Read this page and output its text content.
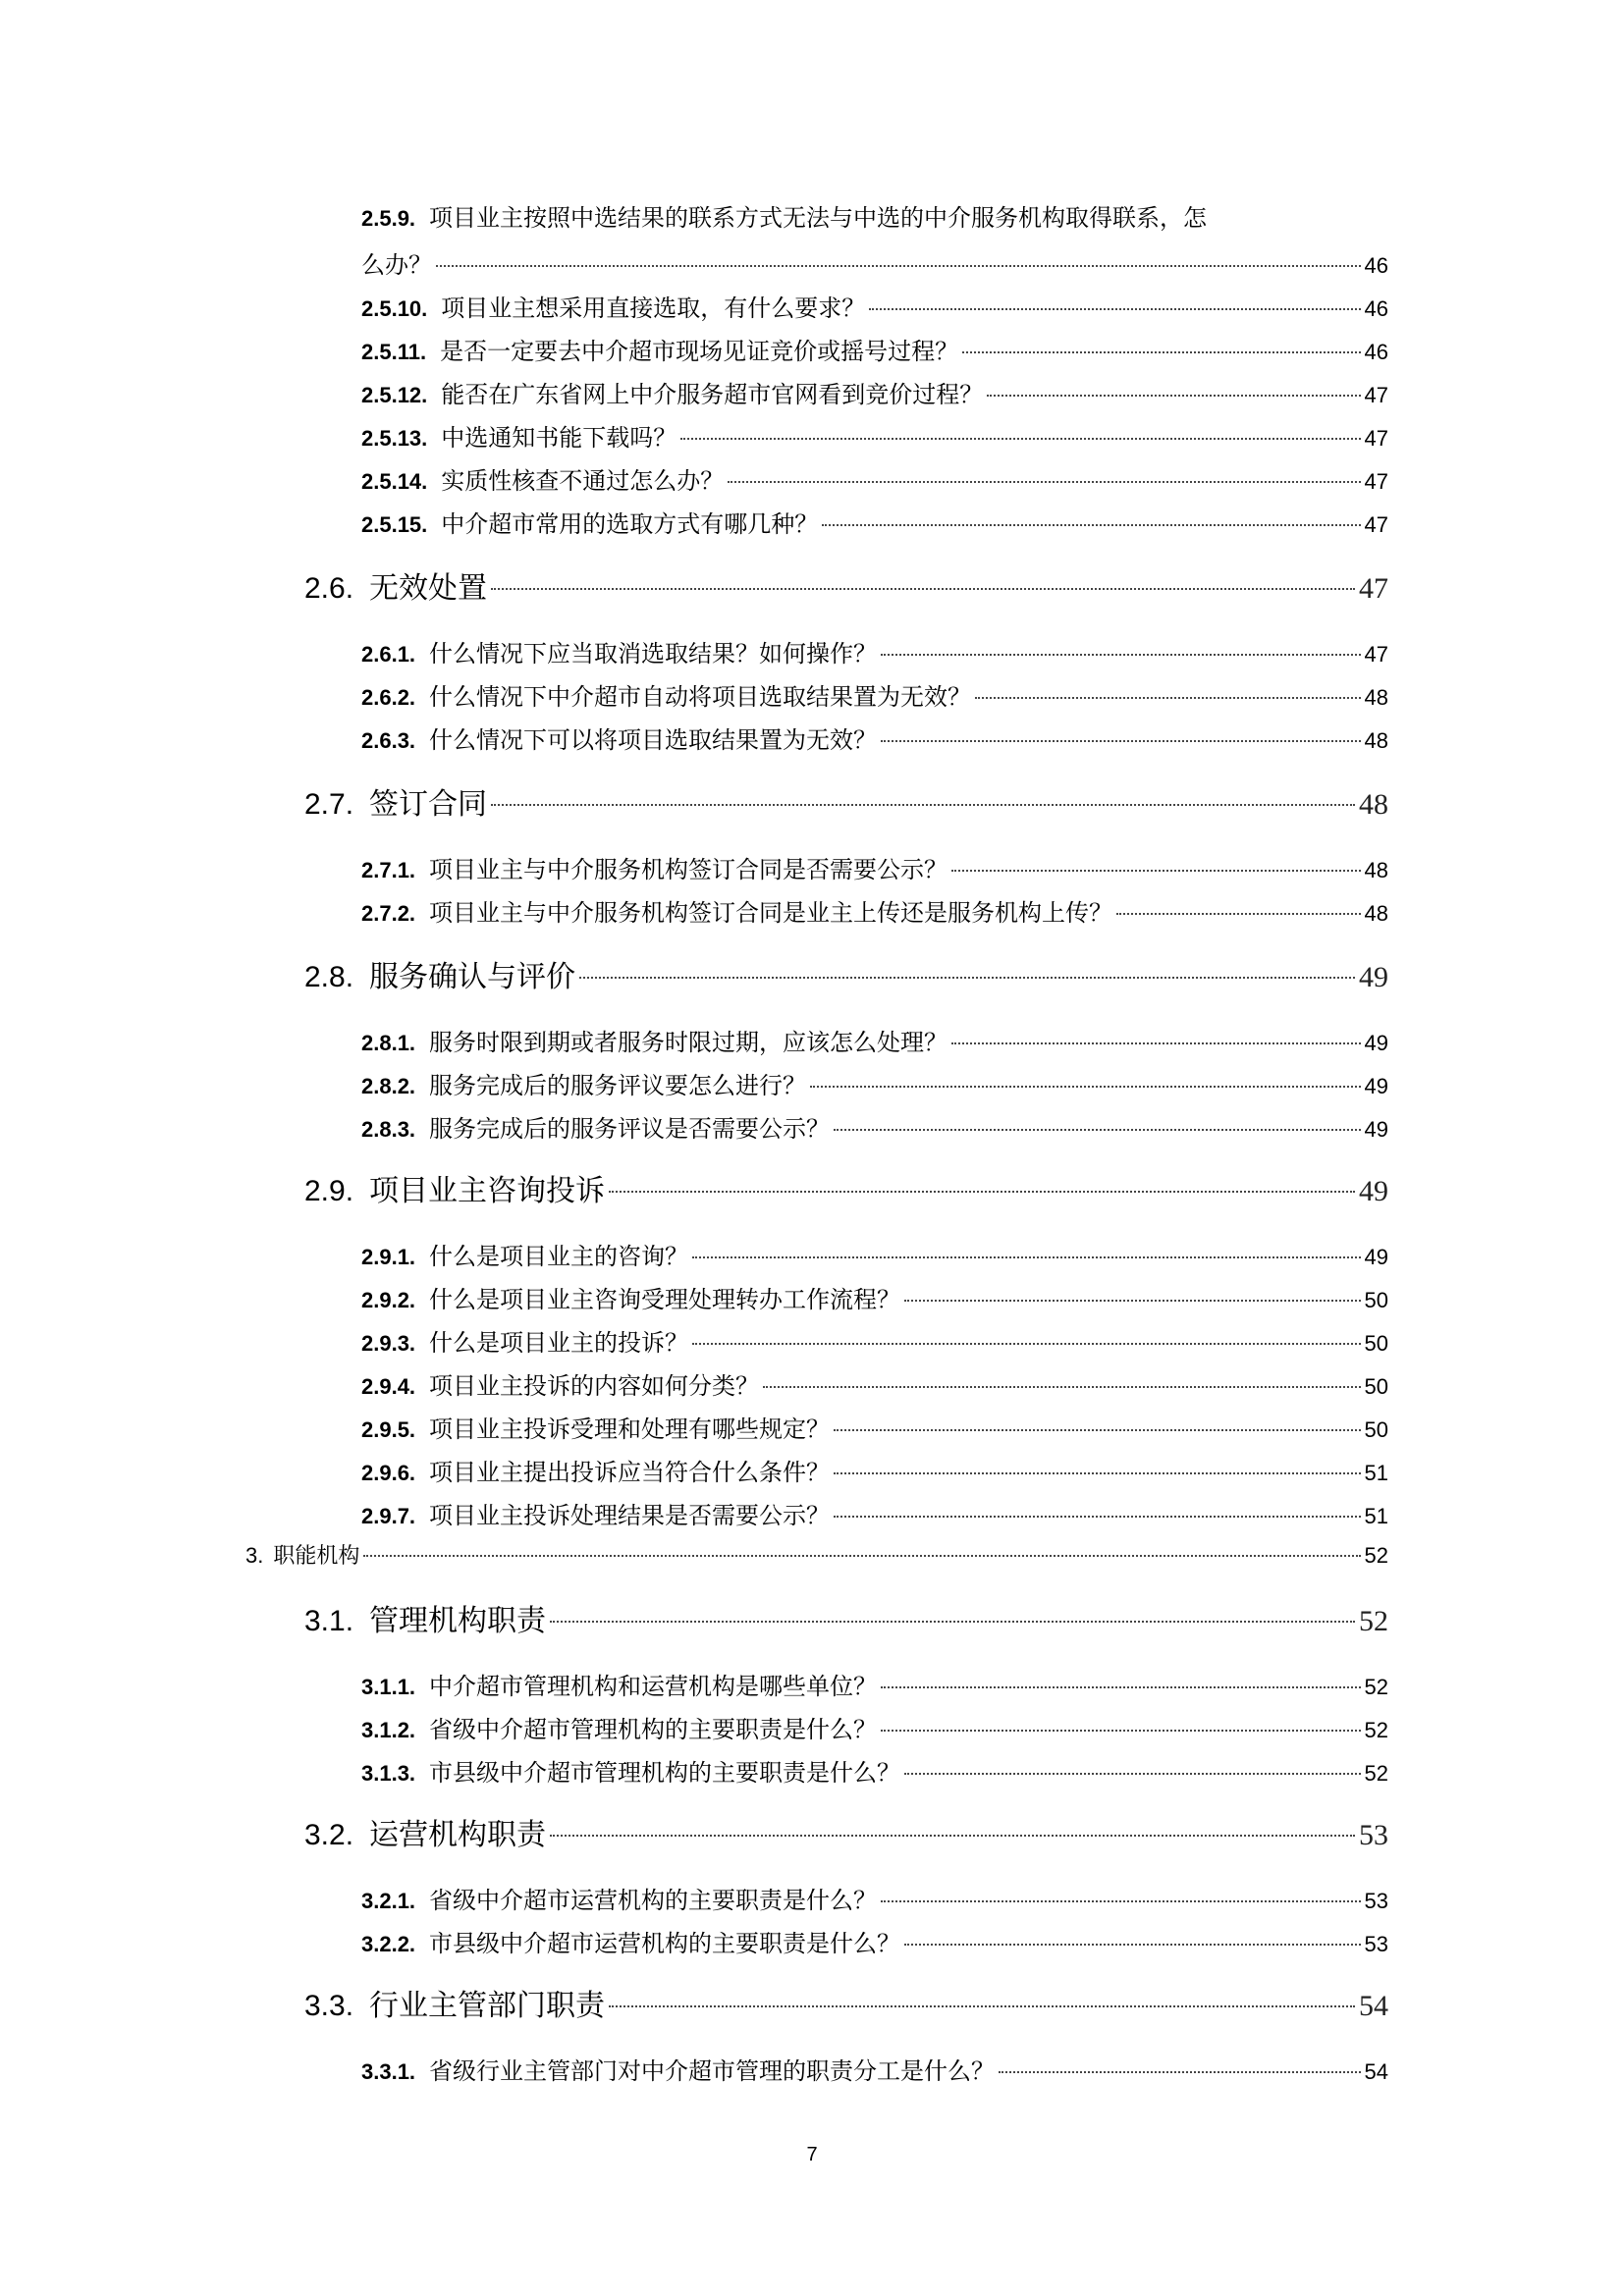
2.5.9. 项目业主按照中选结果的联系方式无法与中选的中介服务机构取得联系，怎
么办？	46
2.5.10. 项目业主想采用直接选取，有什么要求？	46
2.5.11. 是否一定要去中介超市现场见证竞价或摇号过程？	46
2.5.12. 能否在广东省网上中介服务超市官网看到竞价过程？	47
2.5.13. 中选通知书能下载吗？	47
2.5.14. 实质性核查不通过怎么办？	47
2.5.15. 中介超市常用的选取方式有哪几种？	47
2.6. 无效处置	47
2.6.1. 什么情况下应当取消选取结果？如何操作？	47
2.6.2. 什么情况下中介超市自动将项目选取结果置为无效？	48
2.6.3. 什么情况下可以将项目选取结果置为无效？	48
2.7. 签订合同	48
2.7.1. 项目业主与中介服务机构签订合同是否需要公示？	48
2.7.2. 项目业主与中介服务机构签订合同是业主上传还是服务机构上传？	48
2.8. 服务确认与评价	49
2.8.1. 服务时限到期或者服务时限过期，应该怎么处理？	49
2.8.2. 服务完成后的服务评议要怎么进行？	49
2.8.3. 服务完成后的服务评议是否需要公示？	49
2.9. 项目业主咨询投诉	49
2.9.1. 什么是项目业主的咨询？	49
2.9.2. 什么是项目业主咨询受理处理转办工作流程？	50
2.9.3. 什么是项目业主的投诉？	50
2.9.4. 项目业主投诉的内容如何分类？	50
2.9.5. 项目业主投诉受理和处理有哪些规定？	50
2.9.6. 项目业主提出投诉应当符合什么条件？	51
2.9.7. 项目业主投诉处理结果是否需要公示？	51
3. 职能机构	52
3.1. 管理机构职责	52
3.1.1. 中介超市管理机构和运营机构是哪些单位？	52
3.1.2. 省级中介超市管理机构的主要职责是什么？	52
3.1.3. 市县级中介超市管理机构的主要职责是什么？	52
3.2. 运营机构职责	53
3.2.1. 省级中介超市运营机构的主要职责是什么？	53
3.2.2. 市县级中介超市运营机构的主要职责是什么？	53
3.3. 行业主管部门职责	54
3.3.1. 省级行业主管部门对中介超市管理的职责分工是什么？	54
7
